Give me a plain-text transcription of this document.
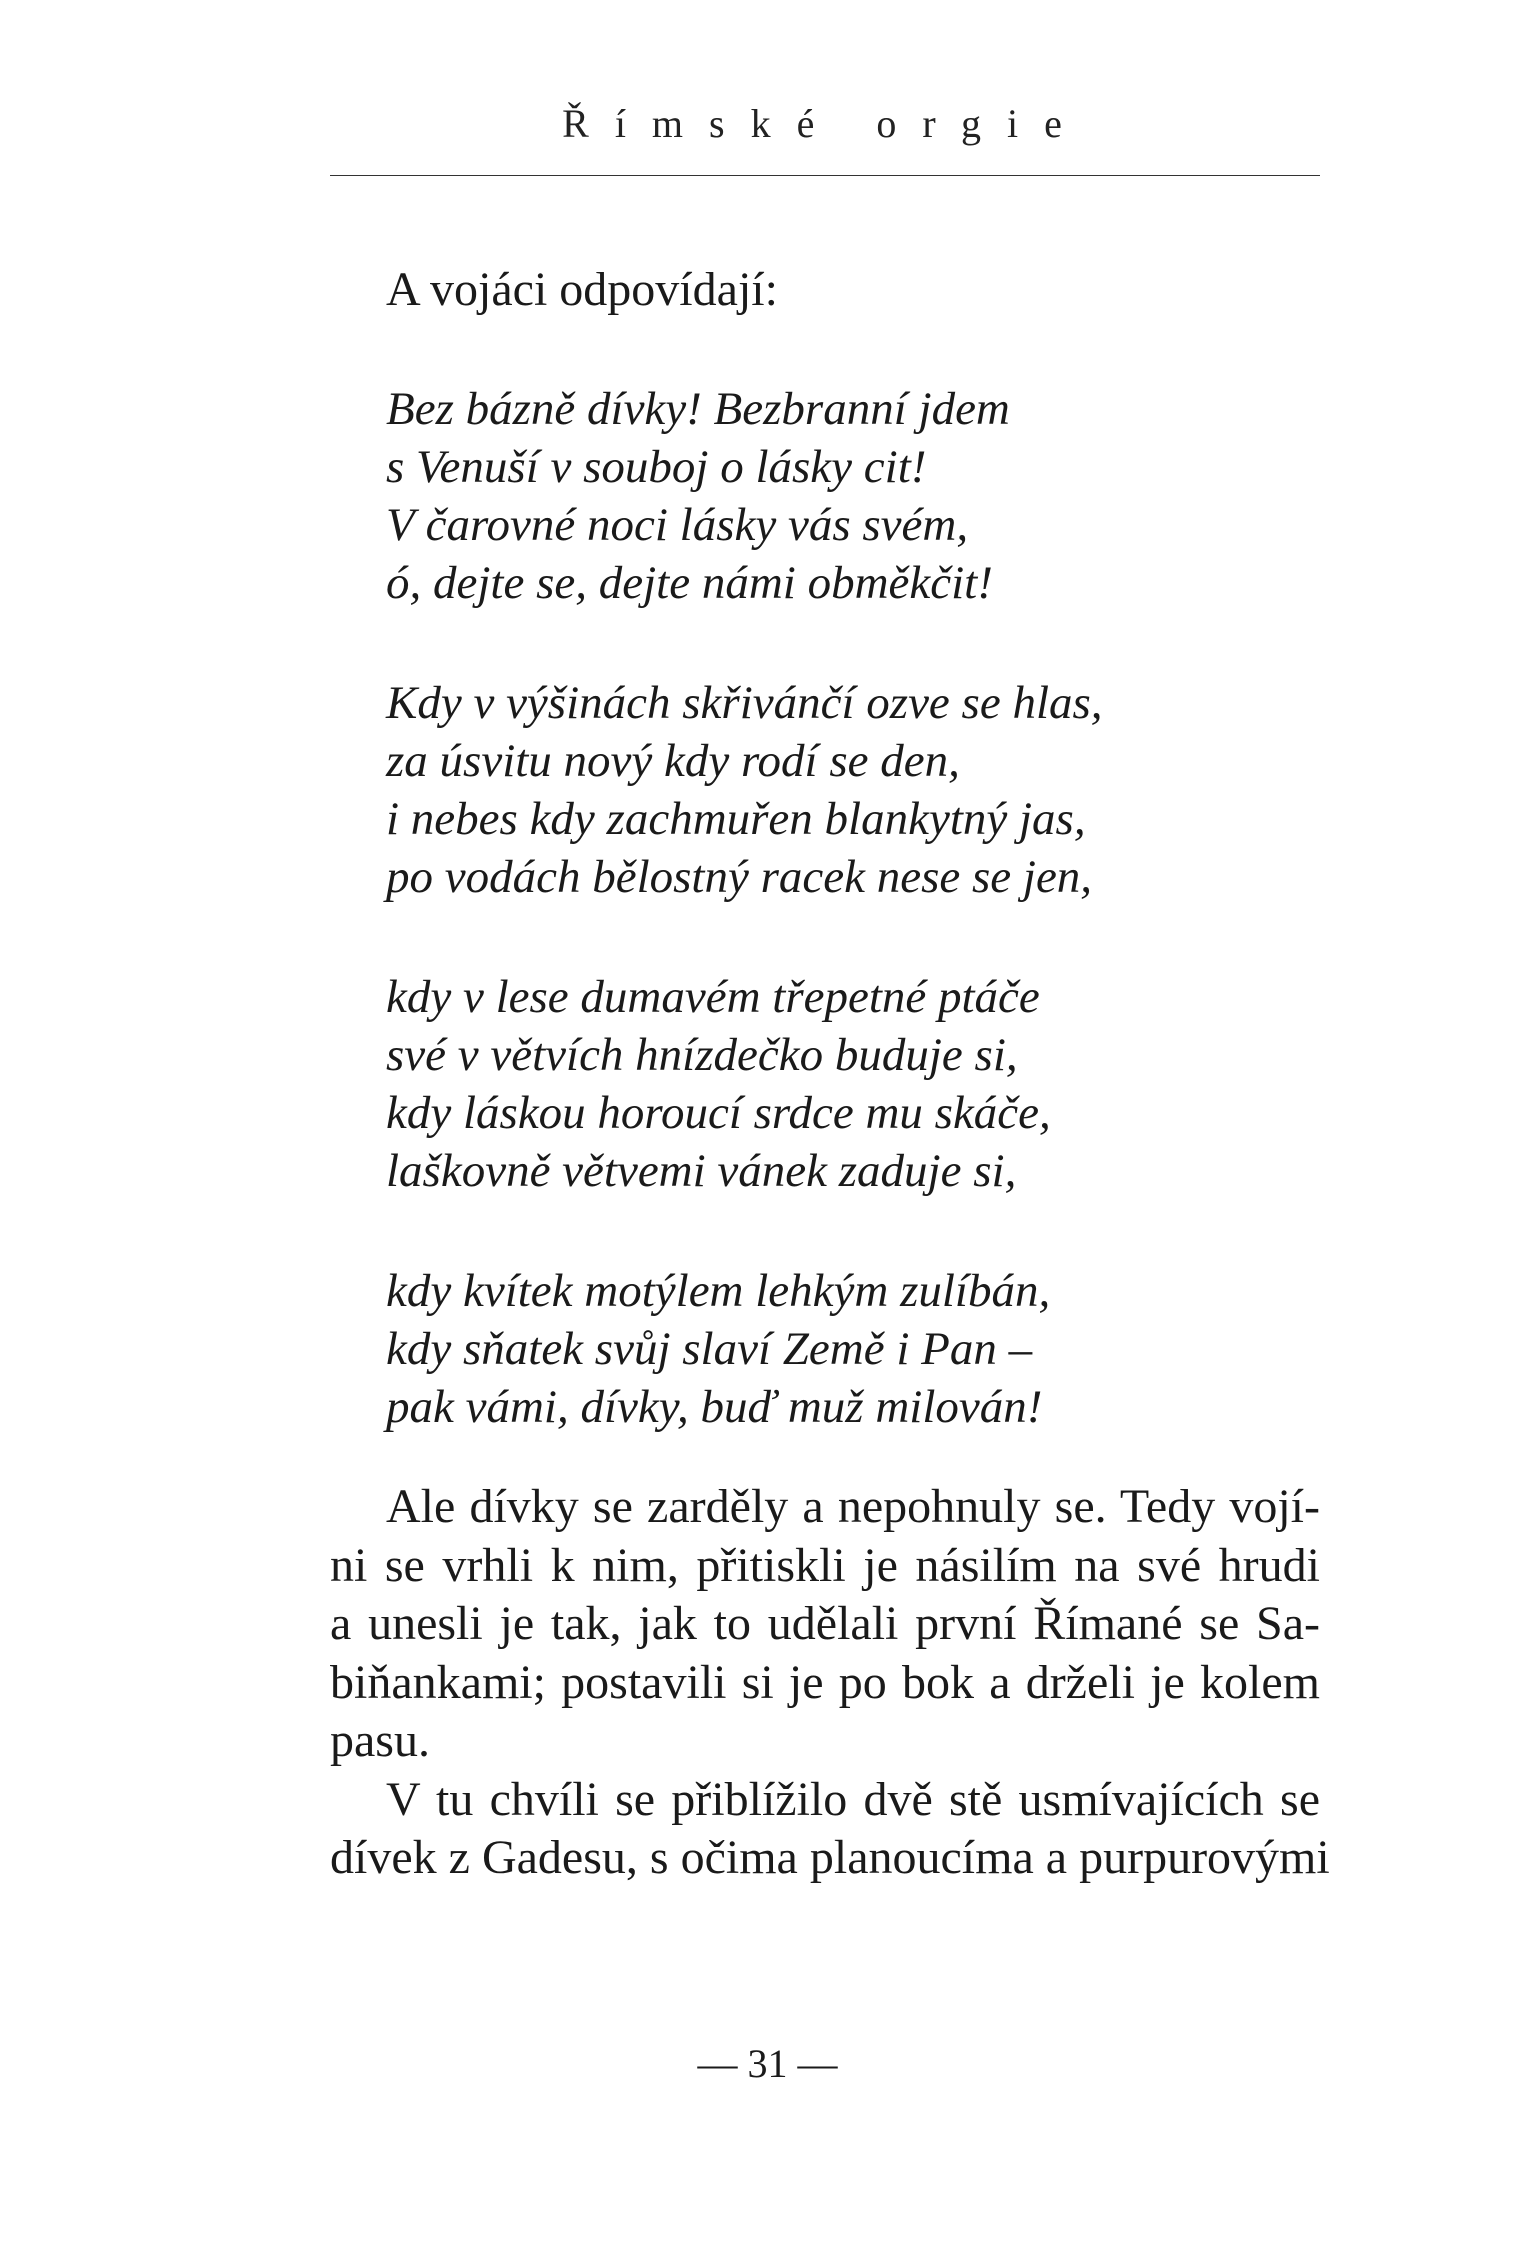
Římské orgie
A vojáci odpovídají:
Bez bázně dívky! Bezbranní jdem
s Venuší v souboj o lásky cit!
V čarovné noci lásky vás svém,
ó, dejte se, dejte námi obměkčit!
Kdy v výšinách skřivánčí ozve se hlas,
za úsvitu nový kdy rodí se den,
i nebes kdy zachmuřen blankytný jas,
po vodách bělostný racek nese se jen,
kdy v lese dumavém třepetné ptáče
své v větvích hnízdečko buduje si,
kdy láskou horoucí srdce mu skáče,
laškovně větvemi vánek zaduje si,
kdy kvítek motýlem lehkým zulíbán,
kdy sňatek svůj slaví Země i Pan –
pak vámi, dívky, buď muž milován!
Ale dívky se zarděly a nepohnuly se. Tedy vojí-
ni se vrhli k nim, přitiskli je násilím na své hrudi
a unesli je tak, jak to udělali první Římané se Sa-
biňankami; postavili si je po bok a drželi je kolem
pasu.
V tu chvíli se přiblížilo dvě stě usmívajících se
dívek z Gadesu, s očima planoucíma a purpurovými
— 31 —
